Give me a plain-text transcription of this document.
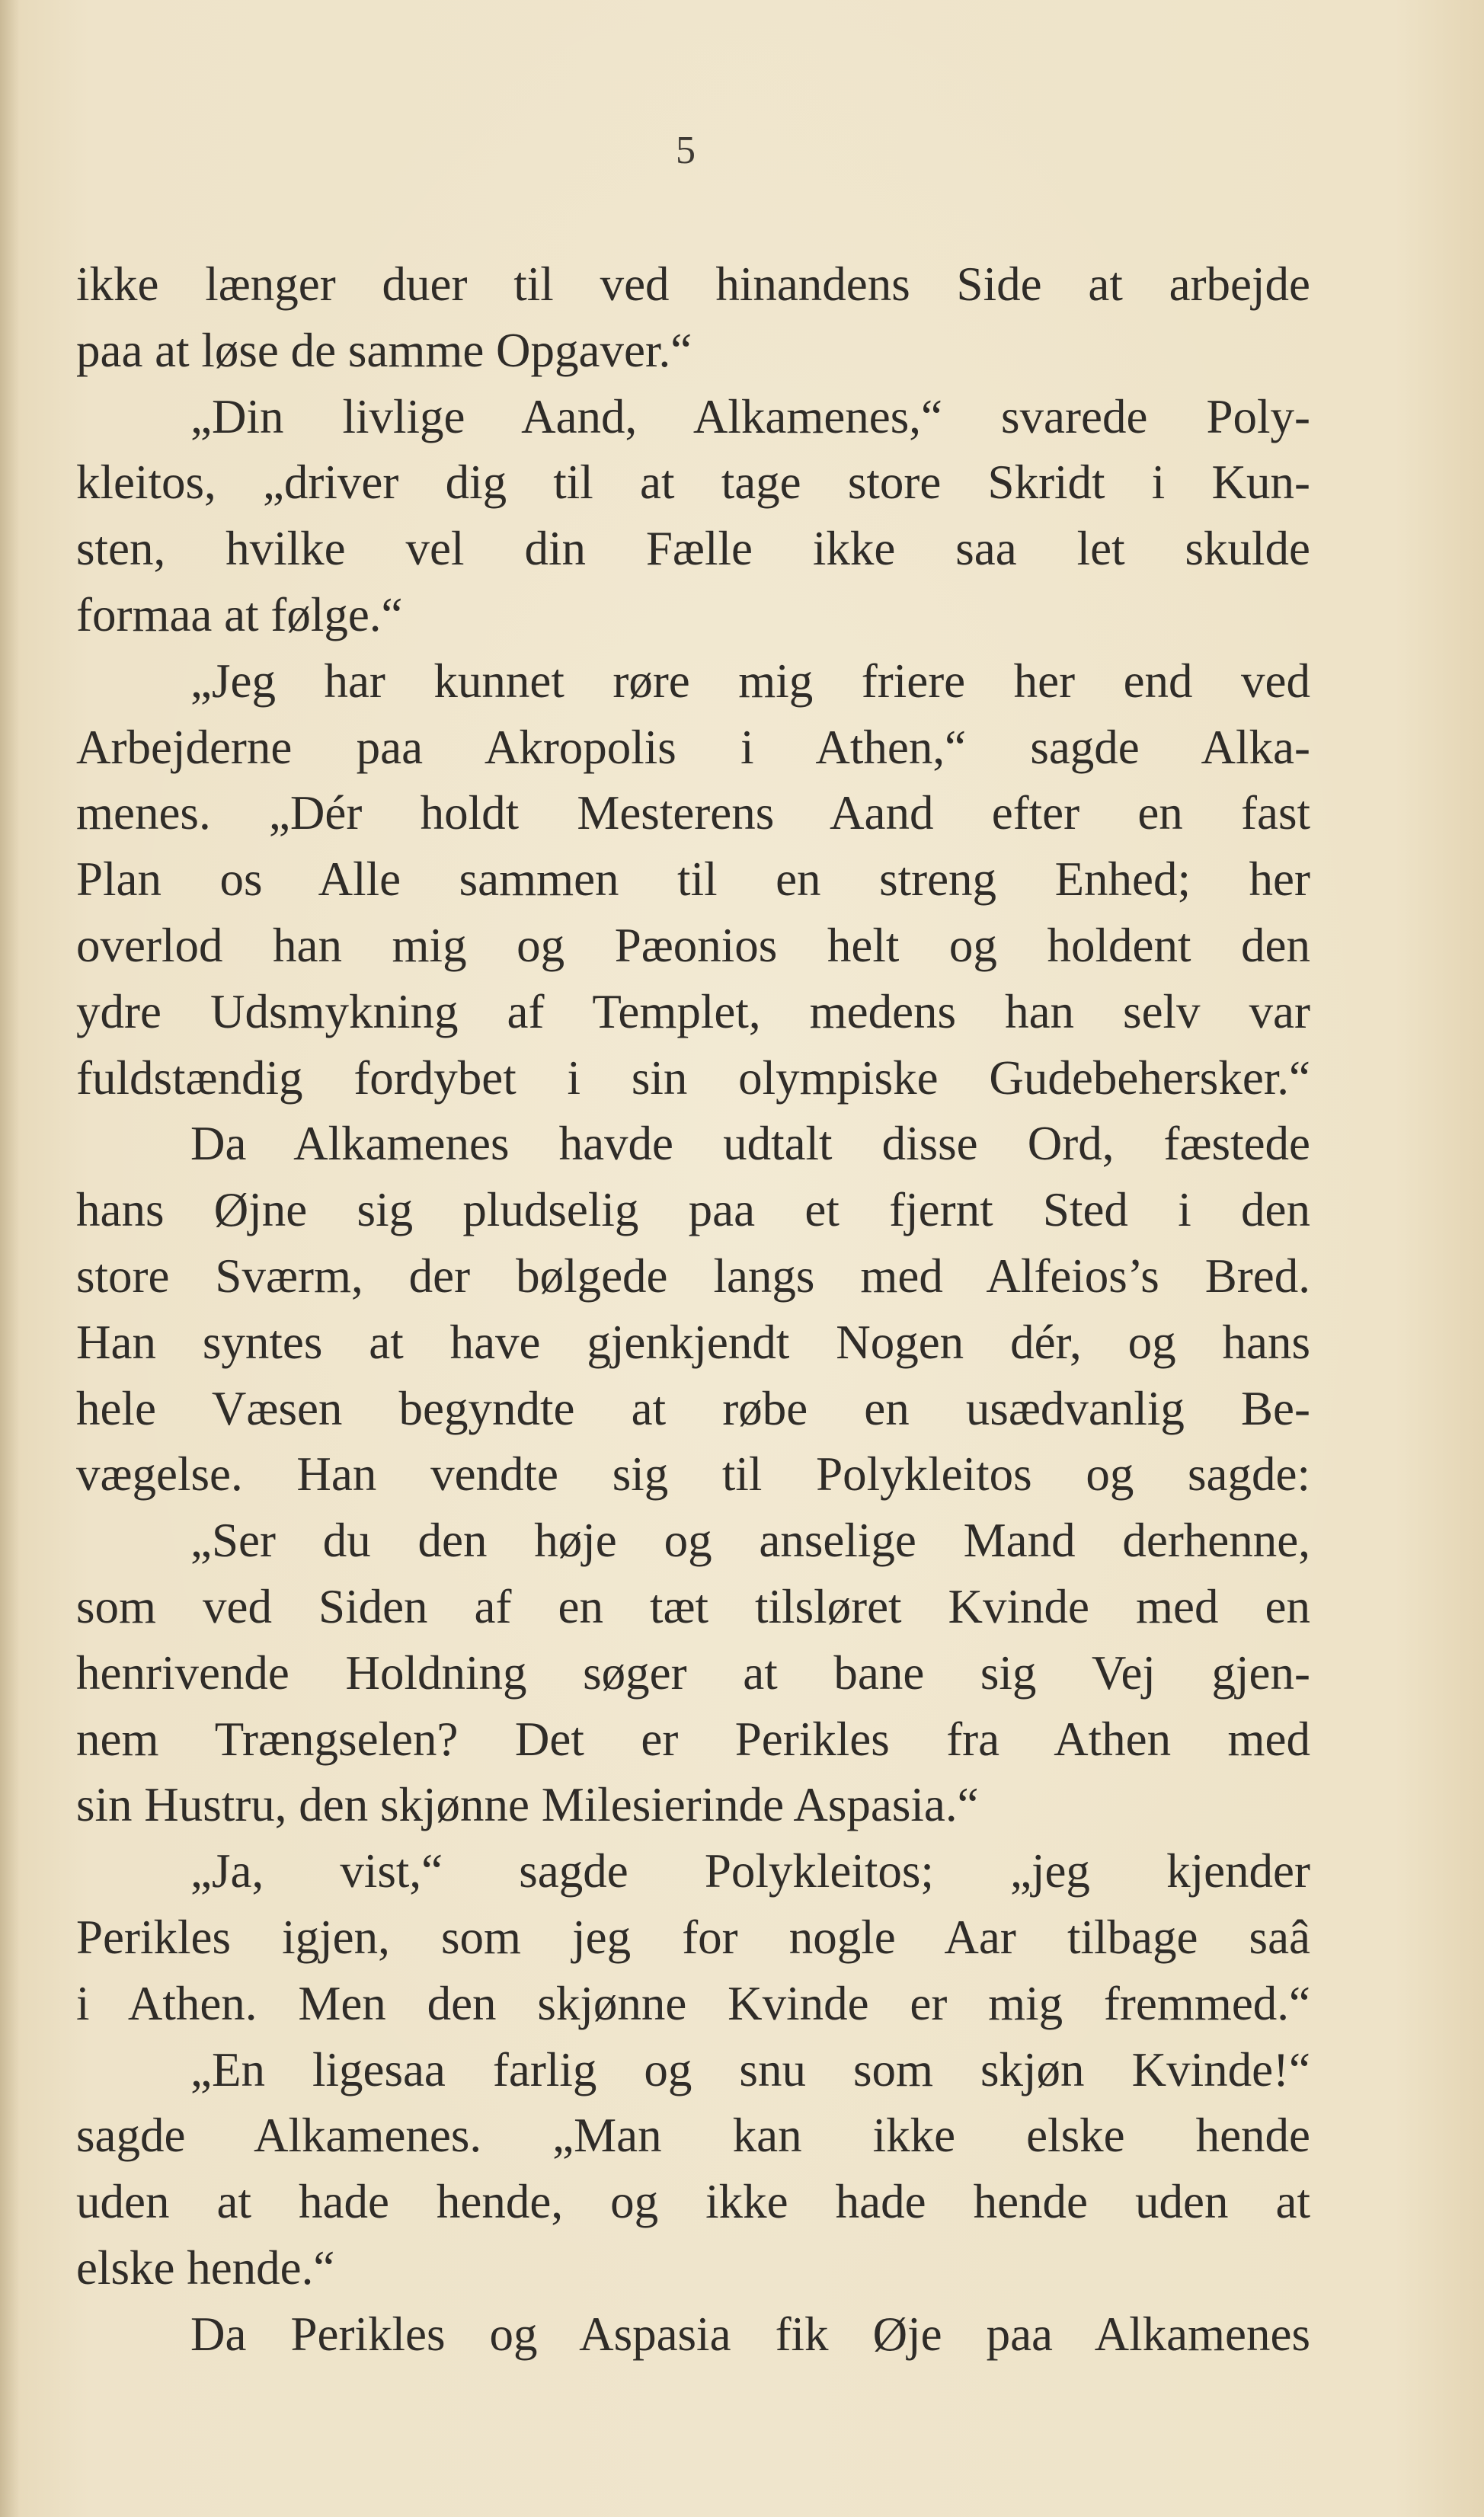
5
ikke længer duer til ved hinandens Side at arbejde
paa at løse de samme Opgaver.“
„Din livlige Aand, Alkamenes,“ svarede Poly-
kleitos, „driver dig til at tage store Skridt i Kun-
sten, hvilke vel din Fælle ikke saa let skulde
formaa at følge.“
„Jeg har kunnet røre mig friere her end ved
Arbejderne paa Akropolis i Athen,“ sagde Alka-
menes. „Dér holdt Mesterens Aand efter en fast
Plan os Alle sammen til en streng Enhed; her
overlod han mig og Pæonios helt og holdent den
ydre Udsmykning af Templet, medens han selv var
fuldstændig fordybet i sin olympiske Gudebehersker.“
Da Alkamenes havde udtalt disse Ord, fæstede
hans Øjne sig pludselig paa et fjernt Sted i den
store Sværm, der bølgede langs med Alfeios’s Bred.
Han syntes at have gjenkjendt Nogen dér, og hans
hele Væsen begyndte at røbe en usædvanlig Be-
vægelse. Han vendte sig til Polykleitos og sagde:
„Ser du den høje og anselige Mand derhenne,
som ved Siden af en tæt tilsløret Kvinde med en
henrivende Holdning søger at bane sig Vej gjen-
nem Trængselen? Det er Perikles fra Athen med
sin Hustru, den skjønne Milesierinde Aspasia.“
„Ja, vist,“ sagde Polykleitos; „jeg kjender
Perikles igjen, som jeg for nogle Aar tilbage saâ
i Athen. Men den skjønne Kvinde er mig fremmed.“
„En ligesaa farlig og snu som skjøn Kvinde!“
sagde Alkamenes. „Man kan ikke elske hende
uden at hade hende, og ikke hade hende uden at
elske hende.“
Da Perikles og Aspasia fik Øje paa Alkamenes
